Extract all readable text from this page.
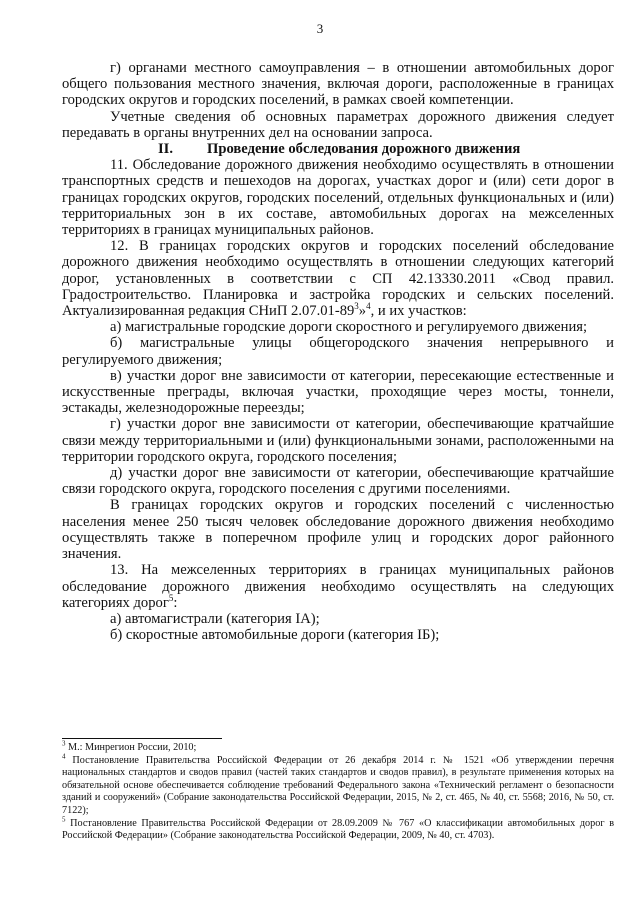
3

г) органами местного самоуправления – в отношении автомобильных дорог общего пользования местного значения, включая дороги, расположенные в границах городских округов и городских поселений, в рамках своей компетенции.

Учетные сведения об основных параметрах дорожного движения следует передавать в органы внутренних дел на основании запроса.

II. Проведение обследования дорожного движения

11. Обследование дорожного движения необходимо осуществлять в отношении транспортных средств и пешеходов на дорогах, участках дорог и (или) сети дорог в границах городских округов, городских поселений, отдельных функциональных и (или) территориальных зон в их составе, автомобильных дорогах на межселенных территориях в границах муниципальных районов.

12. В границах городских округов и городских поселений обследование дорожного движения необходимо осуществлять в отношении следующих категорий дорог, установленных в соответствии с СП 42.13330.2011 «Свод правил. Градостроительство. Планировка и застройка городских и сельских поселений. Актуализированная редакция СНиП $2.07.01-89^3»^4$, и их участков:

а) магистральные городские дороги скоростного и регулируемого движения;

б) магистральные улицы общегородского значения непрерывного и регулируемого движения;

в) участки дорог вне зависимости от категории, пересекающие естественные и искусственные преграды, включая участки, проходящие через мосты, тоннели, эстакады, железнодорожные переезды;

г) участки дорог вне зависимости от категории, обеспечивающие кратчайшие связи между территориальными и (или) функциональными зонами, расположенными на территории городского округа, городского поселения;

д) участки дорог вне зависимости от категории, обеспечивающие кратчайшие связи городского округа, городского поселения с другими поселениями.

В границах городских округов и городских поселений с численностью населения менее 250 тысяч человек обследование дорожного движения необходимо осуществлять также в поперечном профиле улиц и городских дорог районного значения.

13. На межселенных территориях в границах муниципальных районов обследование дорожного движения необходимо осуществлять на следующих категориях дорог$^5$:

а) автомагистрали (категория IА);

б) скоростные автомобильные дороги (категория IБ);

$^3$ М.: Минрегион России, 2010;

$^4$ Постановление Правительства Российской Федерации от 26 декабря 2014 г. № 1521 «Об утверждении перечня национальных стандартов и сводов правил (частей таких стандартов и сводов правил), в результате применения которых на обязательной основе обеспечивается соблюдение требований Федерального закона «Технический регламент о безопасности зданий и сооружений» (Собрание законодательства Российской Федерации, 2015, № 2, ст. 465, № 40, ст. 5568; 2016, № 50, ст. 7122);

$^5$ Постановление Правительства Российской Федерации от 28.09.2009 № 767 «О классификации автомобильных дорог в Российской Федерации» (Собрание законодательства Российской Федерации, 2009, № 40, ст. 4703).
